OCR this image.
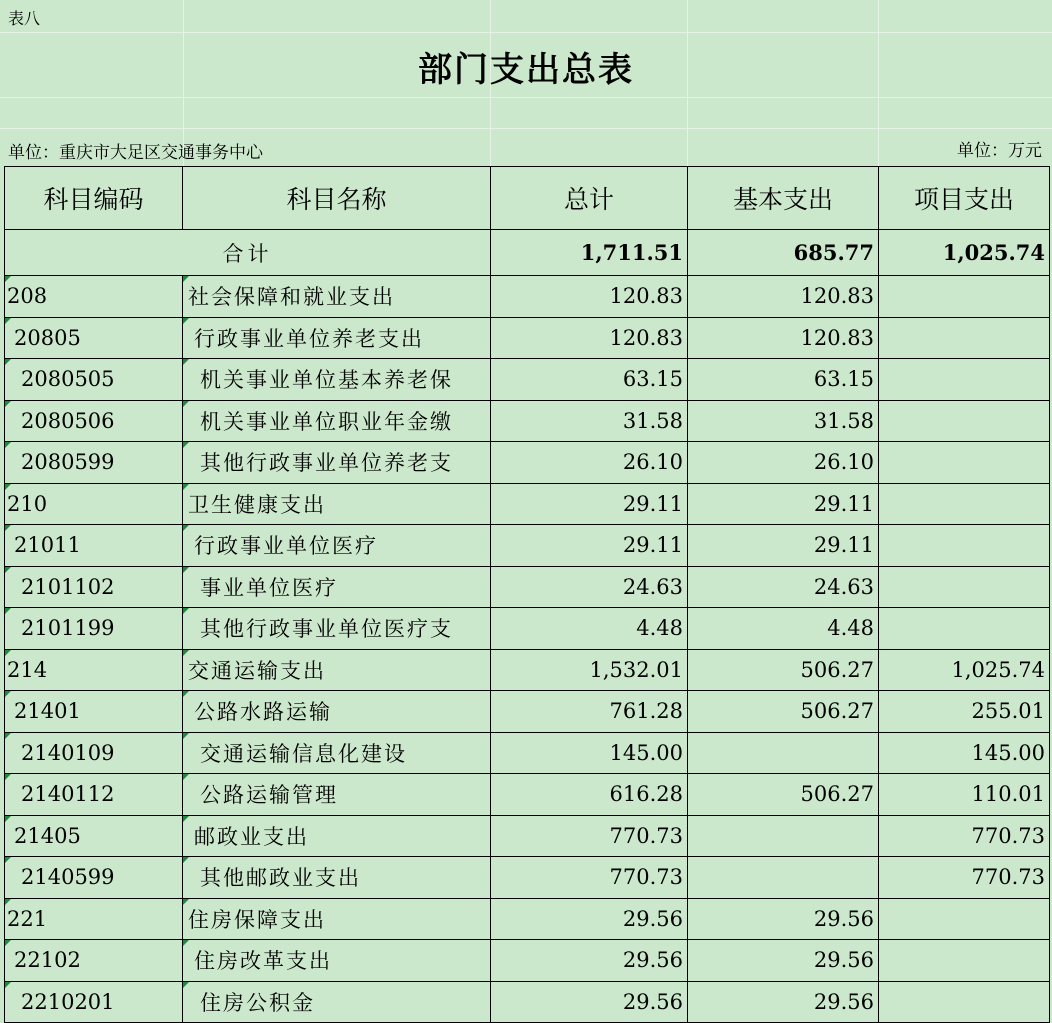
表八
部门支出总表
单位：重庆市大足区交通事务中心	单位：万元
科目编码	科目名称	总计	基本支出	项目支出
合计		1,711.51	685.77	1,025.74

208	社会保障和就业支出	120.83	120.83	

20805	行政事业单位养老支出	120.83	120.83	

2080505	机关事业单位基本养老保	63.15	63.15	

2080506	机关事业单位职业年金缴	31.58	31.58	

2080599	其他行政事业单位养老支	26.10	26.10	

210	卫生健康支出	29.11	29.11	

21011	行政事业单位医疗	29.11	29.11	

2101102	事业单位医疗	24.63	24.63	

2101199	其他行政事业单位医疗支	4.48	4.48	

214	交通运输支出	1,532.01	506.27	1,025.74

21401	公路水路运输	761.28	506.27	255.01

2140109	交通运输信息化建设	145.00		145.00

2140112	公路运输管理	616.28	506.27	110.01

21405	邮政业支出	770.73		770.73

2140599	其他邮政业支出	770.73		770.73

221	住房保障支出	29.56	29.56	

22102	住房改革支出	29.56	29.56	

2210201	住房公积金	29.56	29.56	
